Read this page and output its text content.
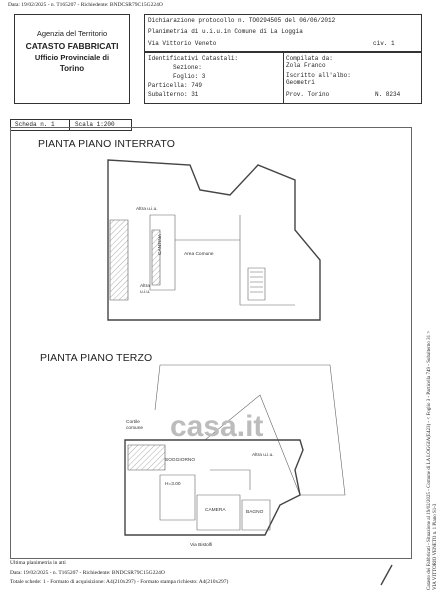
Data: 19/02/2025 - n. T165207 - Richiedente: BNDCSR79C15G224O
Agenzia del Territorio
CATASTO FABBRICATI
Ufficio Provinciale di
Torino
Dichiarazione protocollo n. TO0294505 del 06/06/2012
Planimetria di u.i.u.in Comune di La Loggia
Via Vittorio Veneto	civ. 1
Identificativi Catastali:
Sezione:
Foglio: 3
Particella: 749
Subalterno: 31
Compilata da:
Zola Franco
Iscritto all'albo:
Geometri
Prov. Torino	N. 8234
Scheda n. 1	Scala 1:200
PIANTA PIANO INTERRATO
PIANTA PIANO TERZO
Altra u.i.u.
CANTINA	Area Comune
Altra
u.i.u.
Cortile
comune
Altra u.i.u.
SOGGIORNO
H=3.00
CAMERA	BAGNO
Via Bistolfi
casa.it	Catasto dei Fabbricati - Situazione al 19/02/2025 - Comune di LA LOGGIA(E423) - < Foglio 3 - Particella 749 - Subalterno 31 > VIA VITTORIO VENETO n. 1 Piano S1-3
Ultima planimetria in atti
Data: 19/02/2025 - n. T165207 - Richiedente: BNDCSR79C15G224O
Totale schede: 1 - Formato di acquisizione: A4(210x297) - Formato stampa richiesto: A4(210x297)
